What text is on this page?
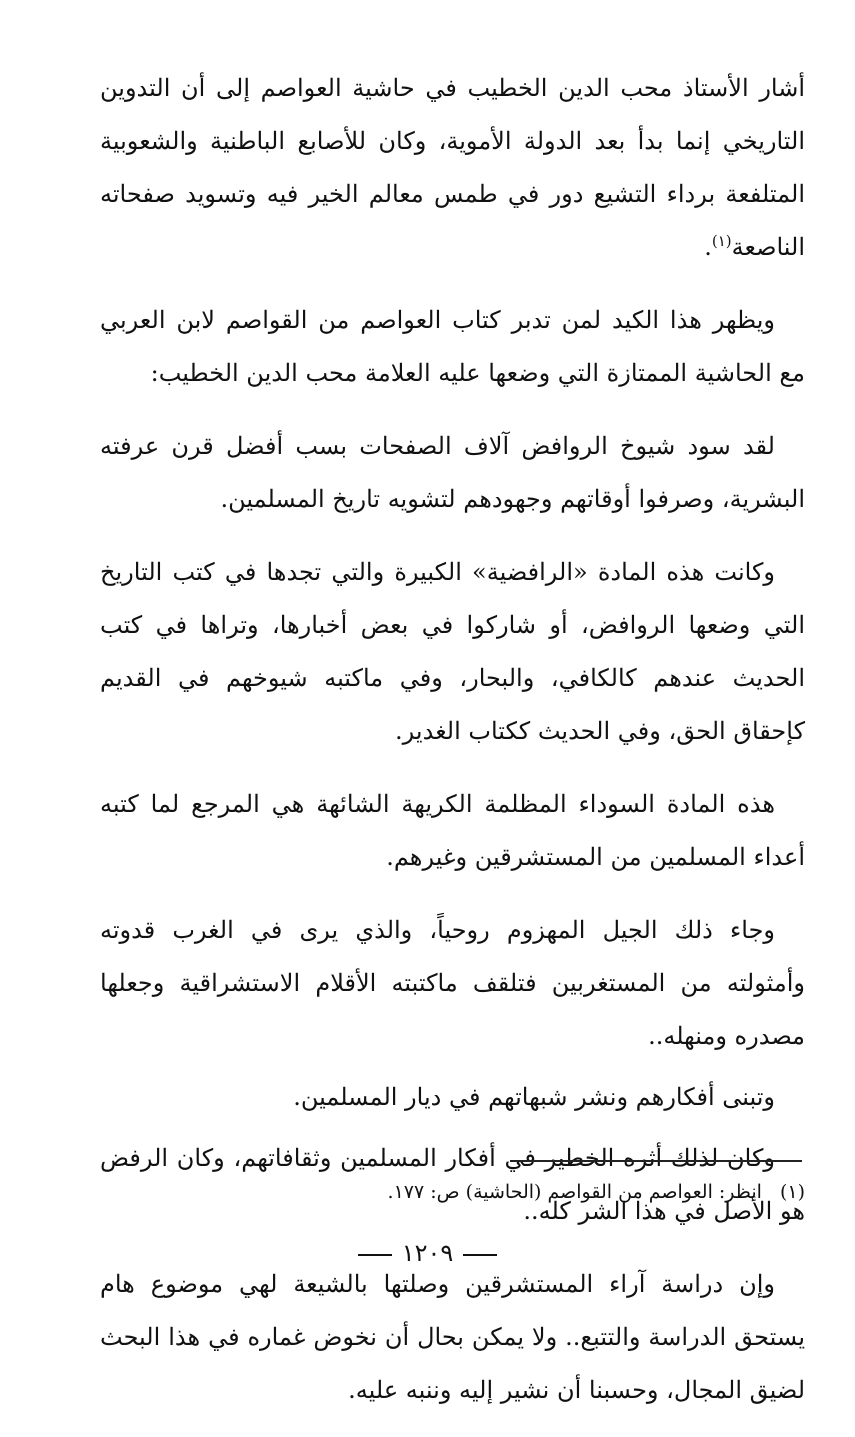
أشار الأستاذ محب الدين الخطيب في حاشية العواصم إلى أن التدوين التاريخي إنما بدأ بعد الدولة الأموية، وكان للأصابع الباطنية والشعوبية المتلفعة برداء التشيع دور في طمس معالم الخير فيه وتسويد صفحاته الناصعة$^{(١)}$.

ويظهر هذا الكيد لمن تدبر كتاب العواصم من القواصم لابن العربي مع الحاشية الممتازة التي وضعها عليه العلامة محب الدين الخطيب:

لقد سود شيوخ الروافض آلاف الصفحات بسب أفضل قرن عرفته البشرية، وصرفوا أوقاتهم وجهودهم لتشويه تاريخ المسلمين.

وكانت هذه المادة «الرافضية» الكبيرة والتي تجدها في كتب التاريخ التي وضعها الروافض، أو شاركوا في بعض أخبارها، وتراها في كتب الحديث عندهم كالكافي، والبحار، وفي ماكتبه شيوخهم في القديم كإحقاق الحق، وفي الحديث ككتاب الغدير.

هذه المادة السوداء المظلمة الكريهة الشائهة هي المرجع لما كتبه أعداء المسلمين من المستشرقين وغيرهم.

وجاء ذلك الجيل المهزوم روحياً، والذي يرى في الغرب قدوته وأمثولته من المستغربين فتلقف ماكتبته الأقلام الاستشراقية وجعلها مصدره ومنهله..

وتبنى أفكارهم ونشر شبهاتهم في ديار المسلمين.

وكان لذلك أثره الخطير في أفكار المسلمين وثقافاتهم، وكان الرفض هو الأصل في هذا الشر كله..

وإن دراسة آراء المستشرقين وصلتها بالشيعة لهي موضوع هام يستحق الدراسة والتتبع.. ولا يمكن بحال أن نخوض غماره في هذا البحث لضيق المجال، وحسبنا أن نشير إليه وننبه عليه.

(١)انظر: العواصم من القواصم (الحاشية) ص: ١٧٧.
١٢٠٩
